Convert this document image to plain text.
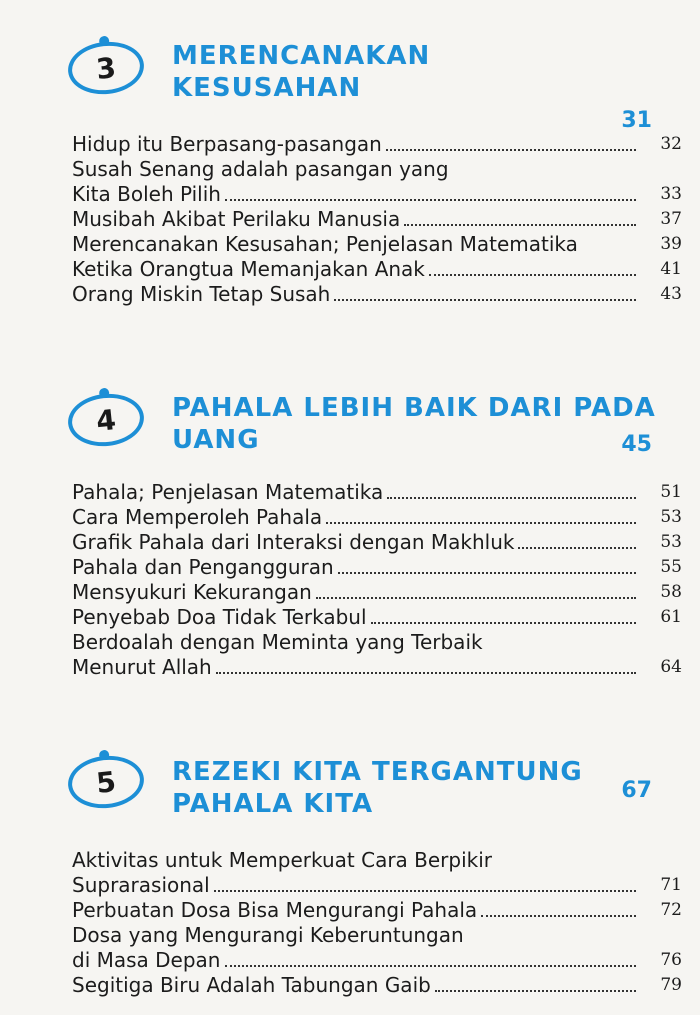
3 MERENCANAKAN
KESUSAHAN
31
Hidup itu Berpasang-pasangan	32
Susah Senang adalah pasangan yang
Kita Boleh Pilih	33
Musibah Akibat Perilaku Manusia	37
Merencanakan Kesusahan; Penjelasan Matematika	39
Ketika Orangtua Memanjakan Anak	41
Orang Miskin Tetap Susah	43
4 PAHALA LEBIH BAIK DARI PADA
UANG	45
Pahala; Penjelasan Matematika	51
Cara Memperoleh Pahala	53
Grafik Pahala dari Interaksi dengan Makhluk	53
Pahala dan Pengangguran	55
Mensyukuri Kekurangan	58
Penyebab Doa Tidak Terkabul	61
Berdoalah dengan Meminta yang Terbaik
Menurut Allah	64
5 REZEKI KITA TERGANTUNG
PAHALA KITA	67
Aktivitas untuk Memperkuat Cara Berpikir
Suprarasional	71
Perbuatan Dosa Bisa Mengurangi Pahala	72
Dosa yang Mengurangi Keberuntungan
di Masa Depan	76
Segitiga Biru Adalah Tabungan Gaib	79
